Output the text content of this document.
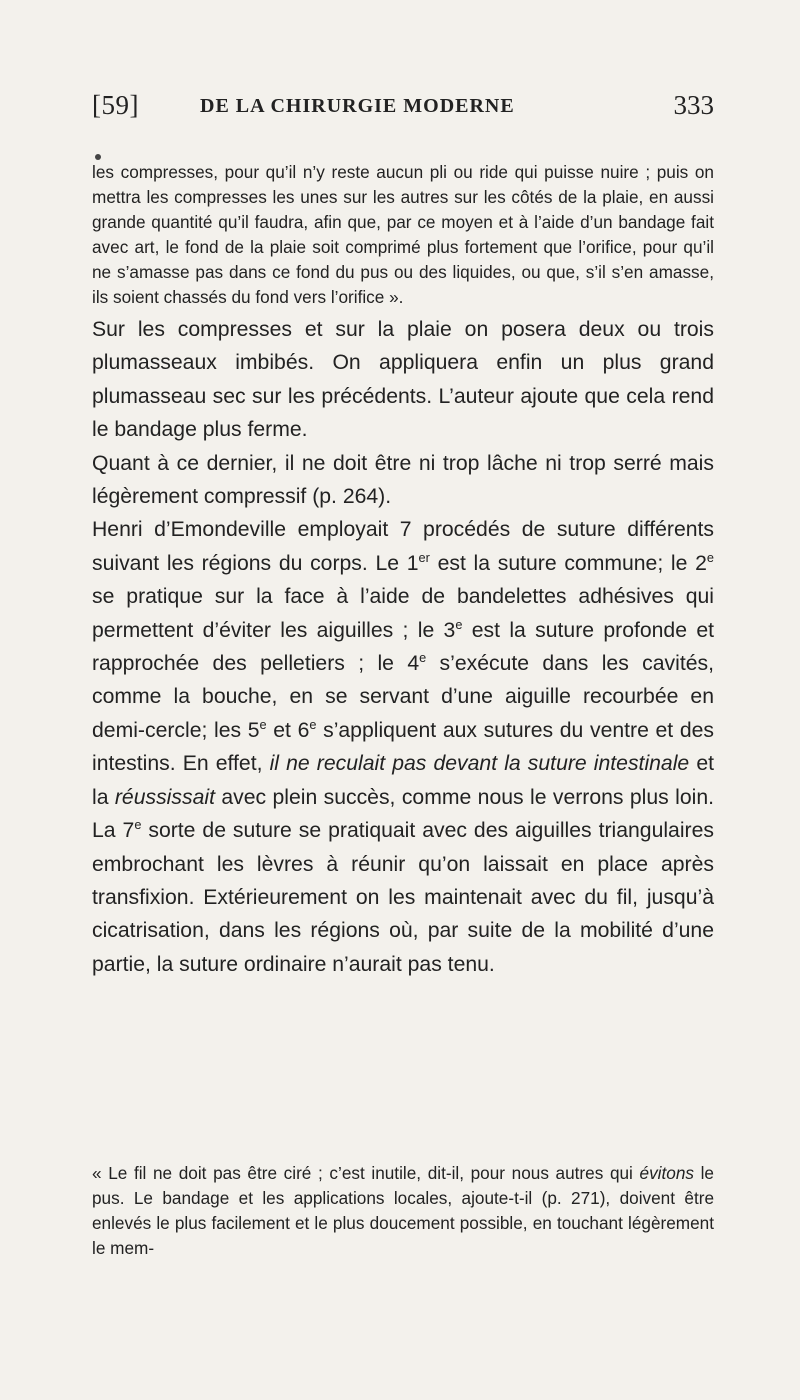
[59]	DE LA CHIRURGIE MODERNE	333

les compresses, pour qu’il n’y reste aucun pli ou ride qui puisse nuire ; puis on mettra les compresses les unes sur les autres sur les côtés de la plaie, en aussi grande quantité qu’il faudra, afin que, par ce moyen et à l’aide d’un bandage fait avec art, le fond de la plaie soit comprimé plus fortement que l’orifice, pour qu’il ne s’amasse pas dans ce fond du pus ou des liquides, ou que, s’il s’en amasse, ils soient chassés du fond vers l’orifice ».

Sur les compresses et sur la plaie on posera deux ou trois plumasseaux imbibés. On appliquera enfin un plus grand plumasseau sec sur les précédents. L’auteur ajoute que cela rend le bandage plus ferme.

Quant à ce dernier, il ne doit être ni trop lâche ni trop serré mais légèrement compressif (p. 264).

Henri d’Emondeville employait 7 procédés de suture différents suivant les régions du corps. Le 1er est la suture commune; le 2e se pratique sur la face à l’aide de bandelettes adhésives qui permettent d’éviter les aiguilles ; le 3e est la suture profonde et rapprochée des pelletiers ; le 4e s’exécute dans les cavités, comme la bouche, en se servant d’une aiguille recourbée en demi-cercle; les 5e et 6e s’appliquent aux sutures du ventre et des intestins. En effet, il ne reculait pas devant la suture intestinale et la réussissait avec plein succès, comme nous le verrons plus loin. La 7e sorte de suture se pratiquait avec des aiguilles triangulaires embrochant les lèvres à réunir qu’on laissait en place après transfixion. Extérieurement on les maintenait avec du fil, jusqu’à cicatrisation, dans les régions où, par suite de la mobilité d’une partie, la suture ordinaire n’aurait pas tenu.

« Le fil ne doit pas être ciré ; c’est inutile, dit-il, pour nous autres qui évitons le pus. Le bandage et les applications locales, ajoute-t-il (p. 271), doivent être enlevés le plus facilement et le plus doucement possible, en touchant légèrement le mem-
